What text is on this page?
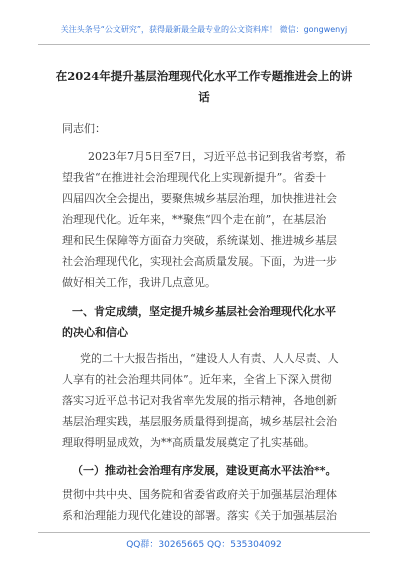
关注头条号“公文研究”，获得最新最全最专业的公文资料库！ 微信：gongwenyj
在2024年提升基层治理现代化水平工作专题推进会上的讲
话
同志们：
2023年7月5日至7日，习近平总书记到我省考察，希
望我省“在推进社会治理现代化上实现新提升”。省委十
四届四次全会提出，要聚焦城乡基层治理，加快推进社会
治理现代化。近年来，**聚焦“四个走在前”，在基层治
理和民生保障等方面奋力突破，系统谋划、推进城乡基层
社会治理现代化，实现社会高质量发展。下面，为进一步
做好相关工作，我讲几点意见。
一、肯定成绩，坚定提升城乡基层社会治理现代化水平
的决心和信心
党的二十大报告指出，“建设人人有责、人人尽责、人
人享有的社会治理共同体”。近年来，全省上下深入贯彻
落实习近平总书记对我省率先发展的指示精神，各地创新
基层治理实践，基层服务质量得到提高，城乡基层社会治
理取得明显成效，为**高质量发展奠定了扎实基础。
（一）推动社会治理有序发展，建设更高水平法治**。
贯彻中共中央、国务院和省委省政府关于加强基层治理体
系和治理能力现代化建设的部署。落实《关于加强基层治
QQ群：30265665 QQ：535304092
